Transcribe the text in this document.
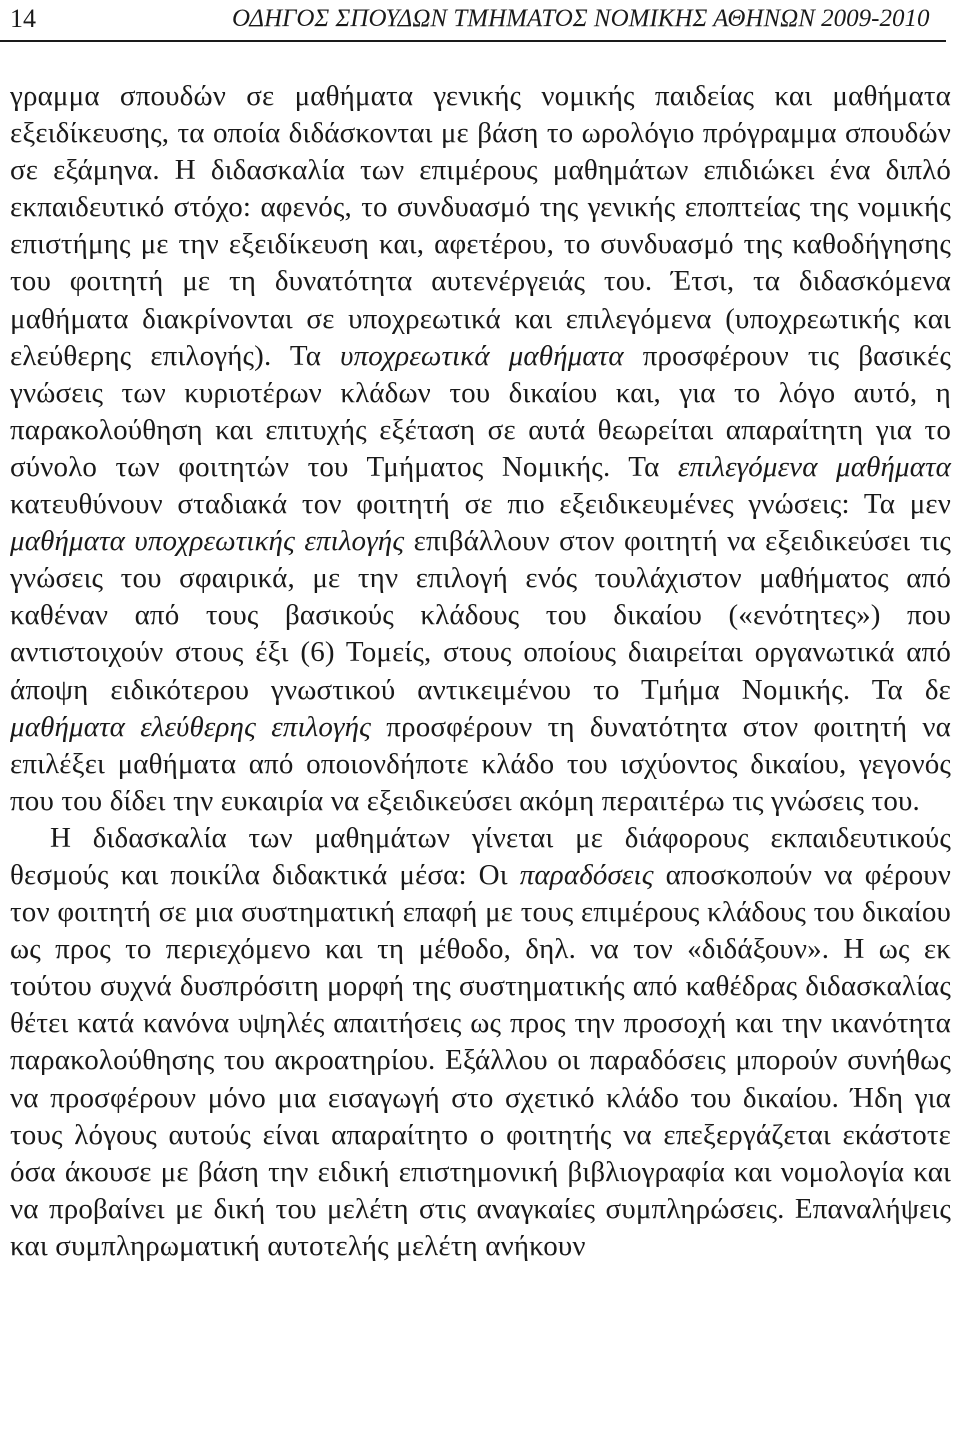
14	ΟΔΗΓΟΣ ΣΠΟΥΔΩΝ ΤΜΗΜΑΤΟΣ ΝΟΜΙΚΗΣ ΑΘΗΝΩΝ 2009-2010

γραμμα σπουδών σε μαθήματα γενικής νομικής παιδείας και μαθήματα εξειδίκευσης, τα οποία διδάσκονται με βάση το ωρολόγιο πρόγραμμα σπουδών σε εξάμηνα. Η διδασκαλία των επιμέρους μαθημάτων επιδιώκει ένα διπλό εκπαιδευτικό στόχο: αφενός, το συνδυασμό της γενικής εποπτείας της νομικής επιστήμης με την εξειδίκευση και, αφετέρου, το συνδυασμό της καθοδήγησης του φοιτητή με τη δυνατότητα αυτενέργειάς του. Έτσι, τα διδασκόμενα μαθήματα διακρίνονται σε υποχρεωτικά και επιλεγόμενα (υποχρεωτικής και ελεύθερης επιλογής). Τα υποχρεωτικά μαθήματα προσφέρουν τις βασικές γνώσεις των κυριοτέρων κλάδων του δικαίου και, για το λόγο αυτό, η παρακολούθηση και επιτυχής εξέταση σε αυτά θεωρείται απαραίτητη για το σύνολο των φοιτητών του Τμήματος Νομικής. Τα επιλεγόμενα μαθήματα κατευθύνουν σταδιακά τον φοιτητή σε πιο εξειδικευμένες γνώσεις: Τα μεν μαθήματα υποχρεωτικής επιλογής επιβάλλουν στον φοιτητή να εξειδικεύσει τις γνώσεις του σφαιρικά, με την επιλογή ενός τουλάχιστον μαθήματος από καθέναν από τους βασικούς κλάδους του δικαίου («ενότητες») που αντιστοιχούν στους έξι (6) Τομείς, στους οποίους διαιρείται οργανωτικά από άποψη ειδικότερου γνωστικού αντικειμένου το Τμήμα Νομικής. Τα δε μαθήματα ελεύθερης επιλογής προσφέρουν τη δυνατότητα στον φοιτητή να επιλέξει μαθήματα από οποιονδήποτε κλάδο του ισχύοντος δικαίου, γεγονός που του δίδει την ευκαιρία να εξειδικεύσει ακόμη περαιτέρω τις γνώσεις του.

Η διδασκαλία των μαθημάτων γίνεται με διάφορους εκπαιδευτικούς θεσμούς και ποικίλα διδακτικά μέσα: Οι παραδόσεις αποσκοπούν να φέρουν τον φοιτητή σε μια συστηματική επαφή με τους επιμέρους κλάδους του δικαίου ως προς το περιεχόμενο και τη μέθοδο, δηλ. να τον «διδάξουν». Η ως εκ τούτου συχνά δυσπρόσιτη μορφή της συστηματικής από καθέδρας διδασκαλίας θέτει κατά κανόνα υψηλές απαιτήσεις ως προς την προσοχή και την ικανότητα παρακολούθησης του ακροατηρίου. Εξάλλου οι παραδόσεις μπορούν συνήθως να προσφέρουν μόνο μια εισαγωγή στο σχετικό κλάδο του δικαίου. Ήδη για τους λόγους αυτούς είναι απαραίτητο ο φοιτητής να επεξεργάζεται εκάστοτε όσα άκουσε με βάση την ειδική επιστημονική βιβλιογραφία και νομολογία και να προβαίνει με δική του μελέτη στις αναγκαίες συμπληρώσεις. Επαναλήψεις και συμπληρωματική αυτοτελής μελέτη ανήκουν
